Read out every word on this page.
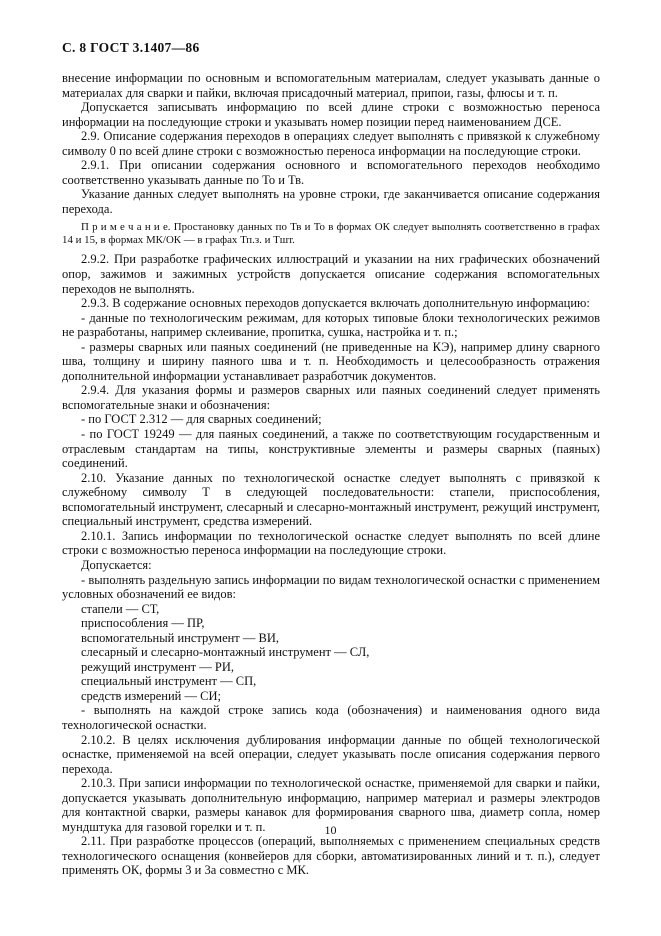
С. 8 ГОСТ 3.1407—86

внесение информации по основным и вспомогательным материалам, следует указывать данные о материалах для сварки и пайки, включая присадочный материал, припои, газы, флюсы и т. п.

Допускается записывать информацию по всей длине строки с возможностью переноса информации на последующие строки и указывать номер позиции перед наименованием ДСЕ.

2.9. Описание содержания переходов в операциях следует выполнять с привязкой к служебному символу 0 по всей длине строки с возможностью переноса информации на последующие строки.

2.9.1. При описании содержания основного и вспомогательного переходов необходимо соответственно указывать данные по То и Тв.

Указание данных следует выполнять на уровне строки, где заканчивается описание содержания перехода.

П р и м е ч а н и е. Простановку данных по Тв и То в формах ОК следует выполнять соответственно в графах 14 и 15, в формах МК/ОК — в графах Тп.з. и Тшт.

2.9.2. При разработке графических иллюстраций и указании на них графических обозначений опор, зажимов и зажимных устройств допускается описание содержания вспомогательных переходов не выполнять.

2.9.3. В содержание основных переходов допускается включать дополнительную информацию:

- данные по технологическим режимам, для которых типовые блоки технологических режимов не разработаны, например склеивание, пропитка, сушка, настройка и т. п.;

- размеры сварных или паяных соединений (не приведенные на КЭ), например длину сварного шва, толщину и ширину паяного шва и т. п. Необходимость и целесообразность отражения дополнительной информации устанавливает разработчик документов.

2.9.4. Для указания формы и размеров сварных или паяных соединений следует применять вспомогательные знаки и обозначения:

- по ГОСТ 2.312 — для сварных соединений;

- по ГОСТ 19249 — для паяных соединений, а также по соответствующим государственным и отраслевым стандартам на типы, конструктивные элементы и размеры сварных (паяных) соединений.

2.10. Указание данных по технологической оснастке следует выполнять с привязкой к служебному символу Т в следующей последовательности: стапели, приспособления, вспомогательный инструмент, слесарный и слесарно-монтажный инструмент, режущий инструмент, специальный инструмент, средства измерений.

2.10.1. Запись информации по технологической оснастке следует выполнять по всей длине строки с возможностью переноса информации на последующие строки.

Допускается:

- выполнять раздельную запись информации по видам технологической оснастки с применением условных обозначений ее видов:

стапели — СТ,

приспособления — ПР,

вспомогательный инструмент — ВИ,

слесарный и слесарно-монтажный инструмент — СЛ,

режущий инструмент — РИ,

специальный инструмент — СП,

средств измерений — СИ;

- выполнять на каждой строке запись кода (обозначения) и наименования одного вида технологической оснастки.

2.10.2. В целях исключения дублирования информации данные по общей технологической оснастке, применяемой на всей операции, следует указывать после описания содержания первого перехода.

2.10.3. При записи информации по технологической оснастке, применяемой для сварки и пайки, допускается указывать дополнительную информацию, например материал и размеры электродов для контактной сварки, размеры канавок для формирования сварного шва, диаметр сопла, номер мундштука для газовой горелки и т. п.

2.11. При разработке процессов (операций, выполняемых с применением специальных средств технологического оснащения (конвейеров для сборки, автоматизированных линий и т. п.), следует применять ОК, формы 3 и 3а совместно с МК.

10
